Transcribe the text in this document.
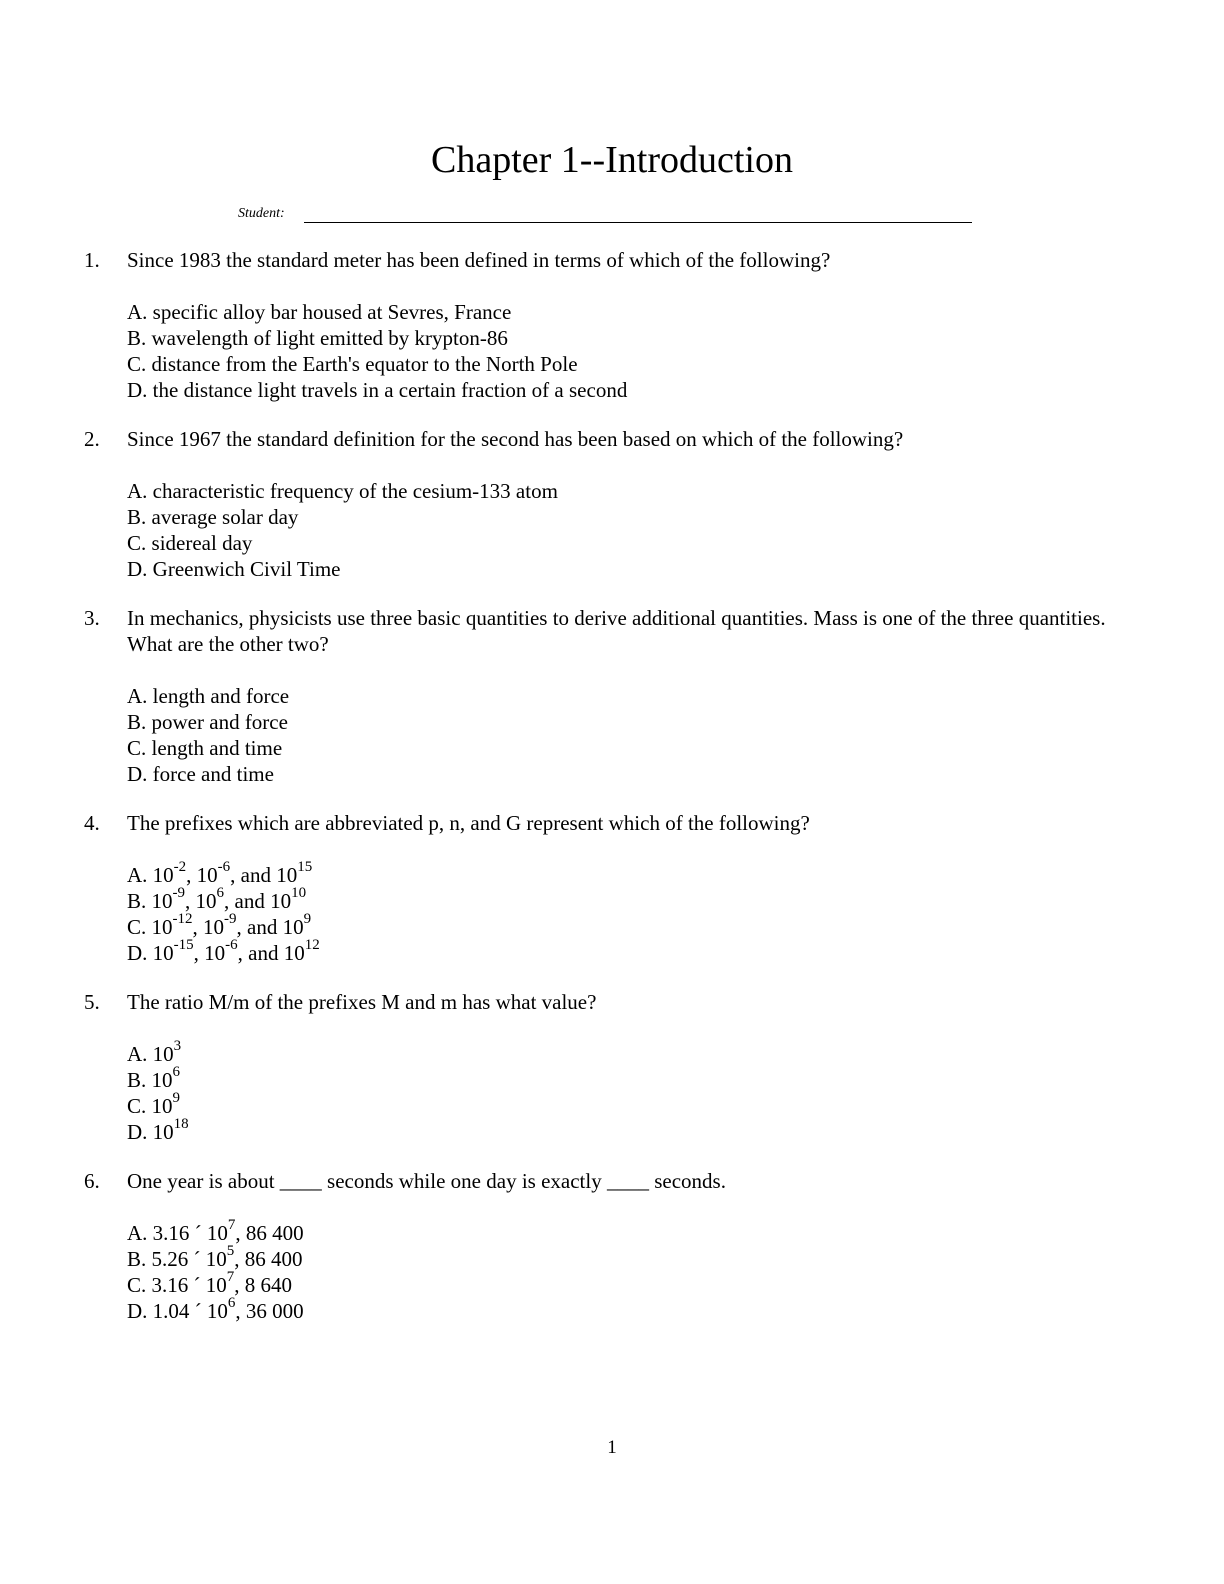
Chapter 1--Introduction
Student:
1. Since 1983 the standard meter has been defined in terms of which of the following?
A. specific alloy bar housed at Sevres, France
B. wavelength of light emitted by krypton-86
C. distance from the Earth's equator to the North Pole
D. the distance light travels in a certain fraction of a second
2. Since 1967 the standard definition for the second has been based on which of the following?
A. characteristic frequency of the cesium-133 atom
B. average solar day
C. sidereal day
D. Greenwich Civil Time
3. In mechanics, physicists use three basic quantities to derive additional quantities. Mass is one of the three quantities. What are the other two?
A. length and force
B. power and force
C. length and time
D. force and time
4. The prefixes which are abbreviated p, n, and G represent which of the following?
A. $10^{-2}$, $10^{-6}$, and $10^{15}$
B. $10^{-9}$, $10^6$, and $10^{10}$
C. $10^{-12}$, $10^{-9}$, and $10^9$
D. $10^{-15}$, $10^{-6}$, and $10^{12}$
5. The ratio M/m of the prefixes M and m has what value?
A. $10^3$
B. $10^6$
C. $10^9$
D. $10^{18}$
6. One year is about ____ seconds while one day is exactly ____ seconds.
A. 3.16 ´ $10^7$, 86 400
B. 5.26 ´ $10^5$, 86 400
C. 3.16 ´ $10^7$, 8 640
D. 1.04 ´ $10^6$, 36 000
1
